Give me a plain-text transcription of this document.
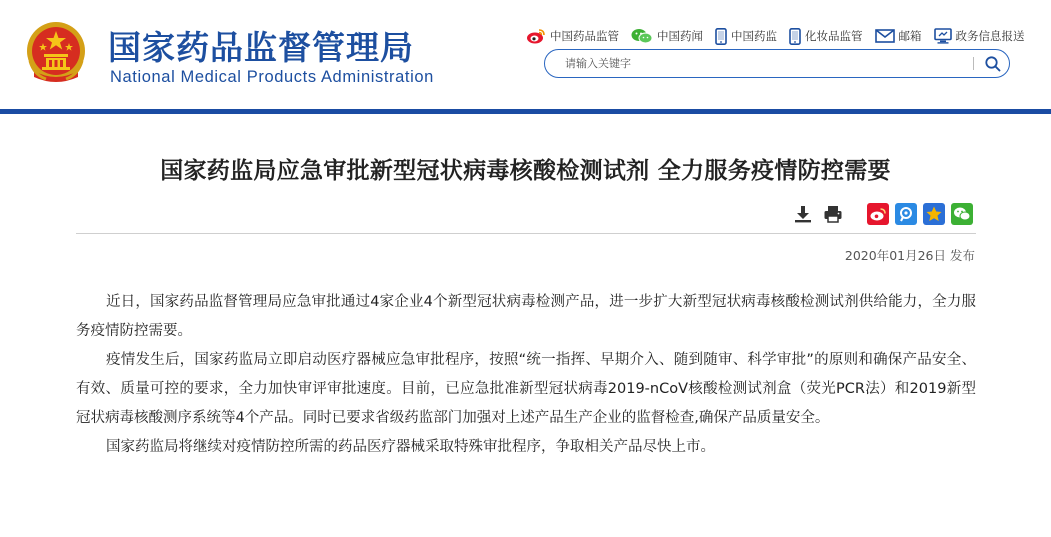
国家药品监督管理局
National Medical Products Administration
中国药品监管	中国药闻 中国药监 化妆品监管	邮箱	政务信息报送
请输入关键字
国家药监局应急审批新型冠状病毒核酸检测试剂 全力服务疫情防控需要
2020年01月26日 发布

近日，国家药品监督管理局应急审批通过4家企业4个新型冠状病毒检测产品，进一步扩大新型冠状病毒核酸检测试剂供给能力，全力服务疫情防控需要。

疫情发生后，国家药监局立即启动医疗器械应急审批程序，按照“统一指挥、早期介入、随到随审、科学审批”的原则和确保产品安全、有效、质量可控的要求，全力加快审评审批速度。目前，已应急批准新型冠状病毒2019-nCoV核酸检测试剂盒（荧光PCR法）和2019新型冠状病毒核酸测序系统等4个产品。同时已要求省级药监部门加强对上述产品生产企业的监督检查,确保产品质量安全。

国家药监局将继续对疫情防控所需的药品医疗器械采取特殊审批程序，争取相关产品尽快上市。
